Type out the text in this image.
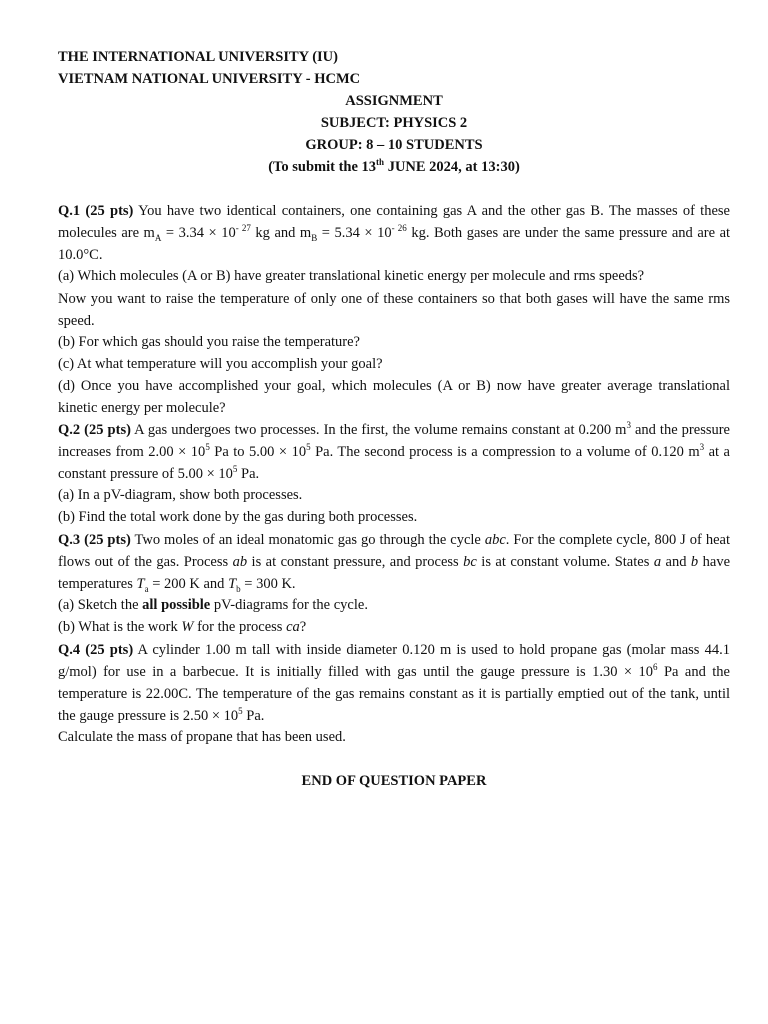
THE INTERNATIONAL UNIVERSITY (IU)
VIETNAM NATIONAL UNIVERSITY - HCMC
ASSIGNMENT
SUBJECT: PHYSICS 2
GROUP: 8 – 10 STUDENTS
(To submit the 13th JUNE 2024, at 13:30)

Q.1 (25 pts) You have two identical containers, one containing gas A and the other gas B. The masses of these molecules are $m_A = 3.34 \times 10^{- 27}$ kg and $m_B = 5.34 \times 10^{- 26}$ kg. Both gases are under the same pressure and are at 10.0°C.

(a) Which molecules (A or B) have greater translational kinetic energy per molecule and rms speeds?

Now you want to raise the temperature of only one of these containers so that both gases will have the same rms speed.

(b) For which gas should you raise the temperature?

(c) At what temperature will you accomplish your goal?

(d) Once you have accomplished your goal, which molecules (A or B) now have greater average translational kinetic energy per molecule?

Q.2 (25 pts) A gas undergoes two processes. In the first, the volume remains constant at 0.200 $m^3$ and the pressure increases from $2.00 \times 10^5$ Pa to $5.00 \times 10^5$ Pa. The second process is a compression to a volume of 0.120 $m^3$ at a constant pressure of $5.00 \times 10^5$ Pa.

(a) In a pV-diagram, show both processes.

(b) Find the total work done by the gas during both processes.

Q.3 (25 pts) Two moles of an ideal monatomic gas go through the cycle abc. For the complete cycle, 800 J of heat flows out of the gas. Process ab is at constant pressure, and process bc is at constant volume. States a and b have temperatures $T_a = 200$ K and $T_b = 300$ K.

(a) Sketch the all possible pV-diagrams for the cycle.

(b) What is the work W for the process ca?

Q.4 (25 pts) A cylinder 1.00 m tall with inside diameter 0.120 m is used to hold propane gas (molar mass 44.1 g/mol) for use in a barbecue. It is initially filled with gas until the gauge pressure is $1.30 \times 10^6$ Pa and the temperature is 22.00C. The temperature of the gas remains constant as it is partially emptied out of the tank, until the gauge pressure is $2.50 \times 10^5$ Pa.

Calculate the mass of propane that has been used.

END OF QUESTION PAPER
